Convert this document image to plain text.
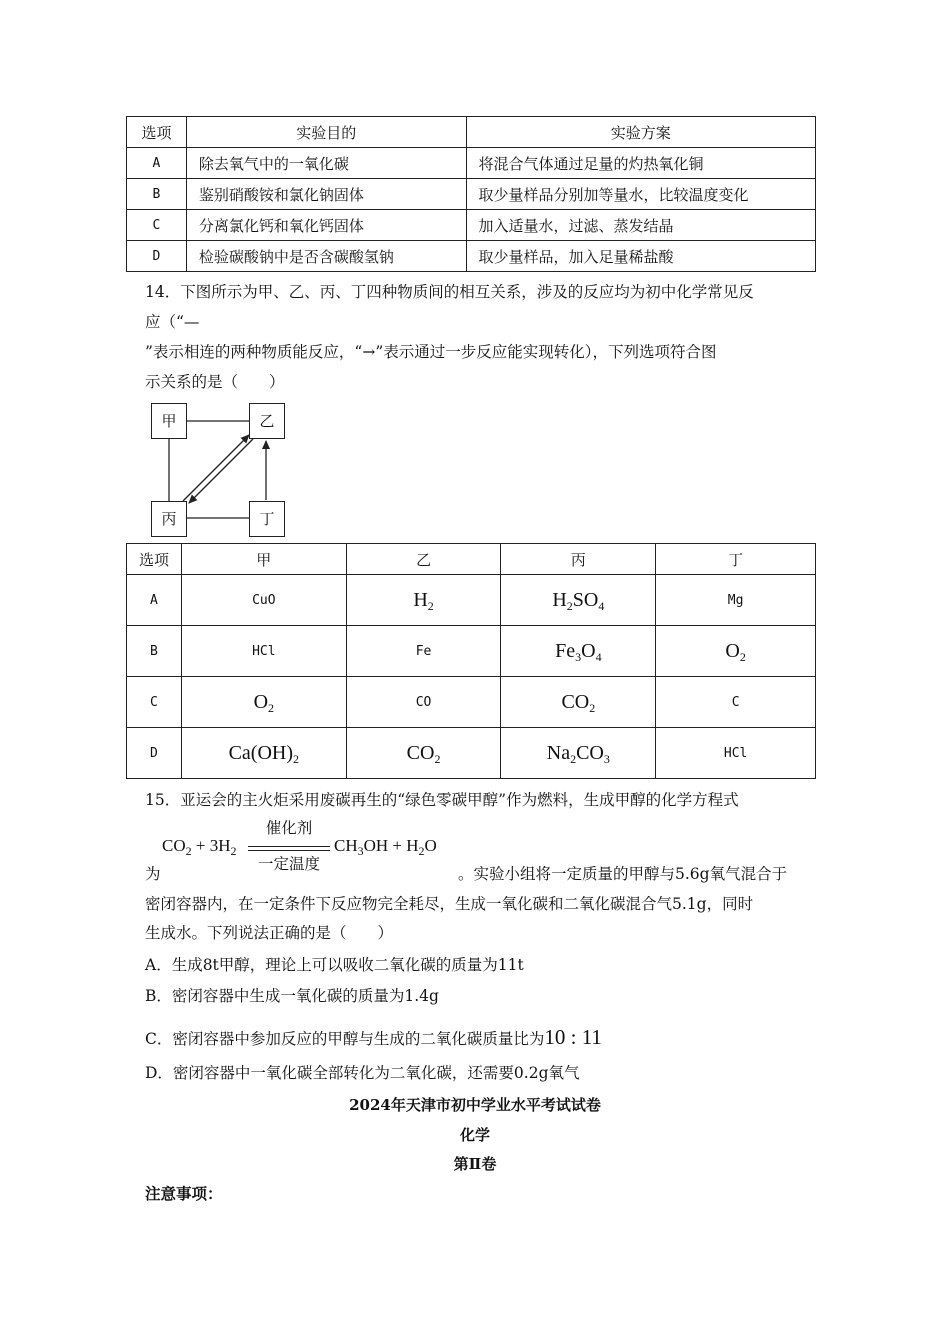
选项	实验目的	实验方案
A	除去氧气中的一氧化碳	将混合气体通过足量的灼热氧化铜
B	鉴别硝酸铵和氯化钠固体	取少量样品分别加等量水，比较温度变化
C	分离氯化钙和氧化钙固体	加入适量水，过滤、蒸发结晶
D	检验碳酸钠中是否含碳酸氢钠	取少量样品，加入足量稀盐酸
14．下图所示为甲、乙、丙、丁四种物质间的相互关系，涉及的反应均为初中化学常见反
应（“—
”表示相连的两种物质能反应，“→”表示通过一步反应能实现转化），下列选项符合图
示关系的是（　　）
甲	乙
丙	丁
选项	甲	乙	丙	丁
A	CuO	$H_2$	$H_2SO_4$	Mg
B	HCl	Fe	$Fe_3O_4$	$O_2$
C	$O_2$	CO	$CO_2$	C
D	$Ca(OH)_2$	$CO_2$	$Na_2CO_3$	HCl
15．亚运会的主火炬采用废碳再生的“绿色零碳甲醇”作为燃料，生成甲醇的化学方程式
$CO_2 + 3H_2$
催化剂
一定温度
$CH_3OH + H_2O$
为	。实验小组将一定质量的甲醇与5.6g氧气混合于
密闭容器内，在一定条件下反应物完全耗尽，生成一氧化碳和二氧化碳混合气5.1g，同时
生成水。下列说法正确的是（　　）
A．生成8t甲醇，理论上可以吸收二氧化碳的质量为11t
B．密闭容器中生成一氧化碳的质量为1.4g
C．密闭容器中参加反应的甲醇与生成的二氧化碳质量比为10 : 11
D．密闭容器中一氧化碳全部转化为二氧化碳，还需要0.2g氧气
2024年天津市初中学业水平考试试卷
化学
第Ⅱ卷
注意事项：
